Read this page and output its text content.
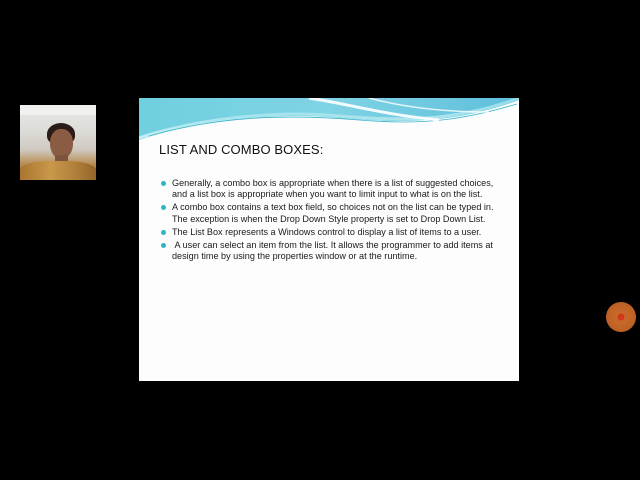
LIST AND COMBO BOXES:
Generally, a combo box is appropriate when there is a list of suggested choices, and a list box is appropriate when you want to limit input to what is on the list.
A combo box contains a text box field, so choices not on the list can be typed in. The exception is when the Drop Down Style property is set to Drop Down List.
The List Box represents a Windows control to display a list of items to a user.
A user can select an item from the list. It allows the programmer to add items at design time by using the properties window or at the runtime.
